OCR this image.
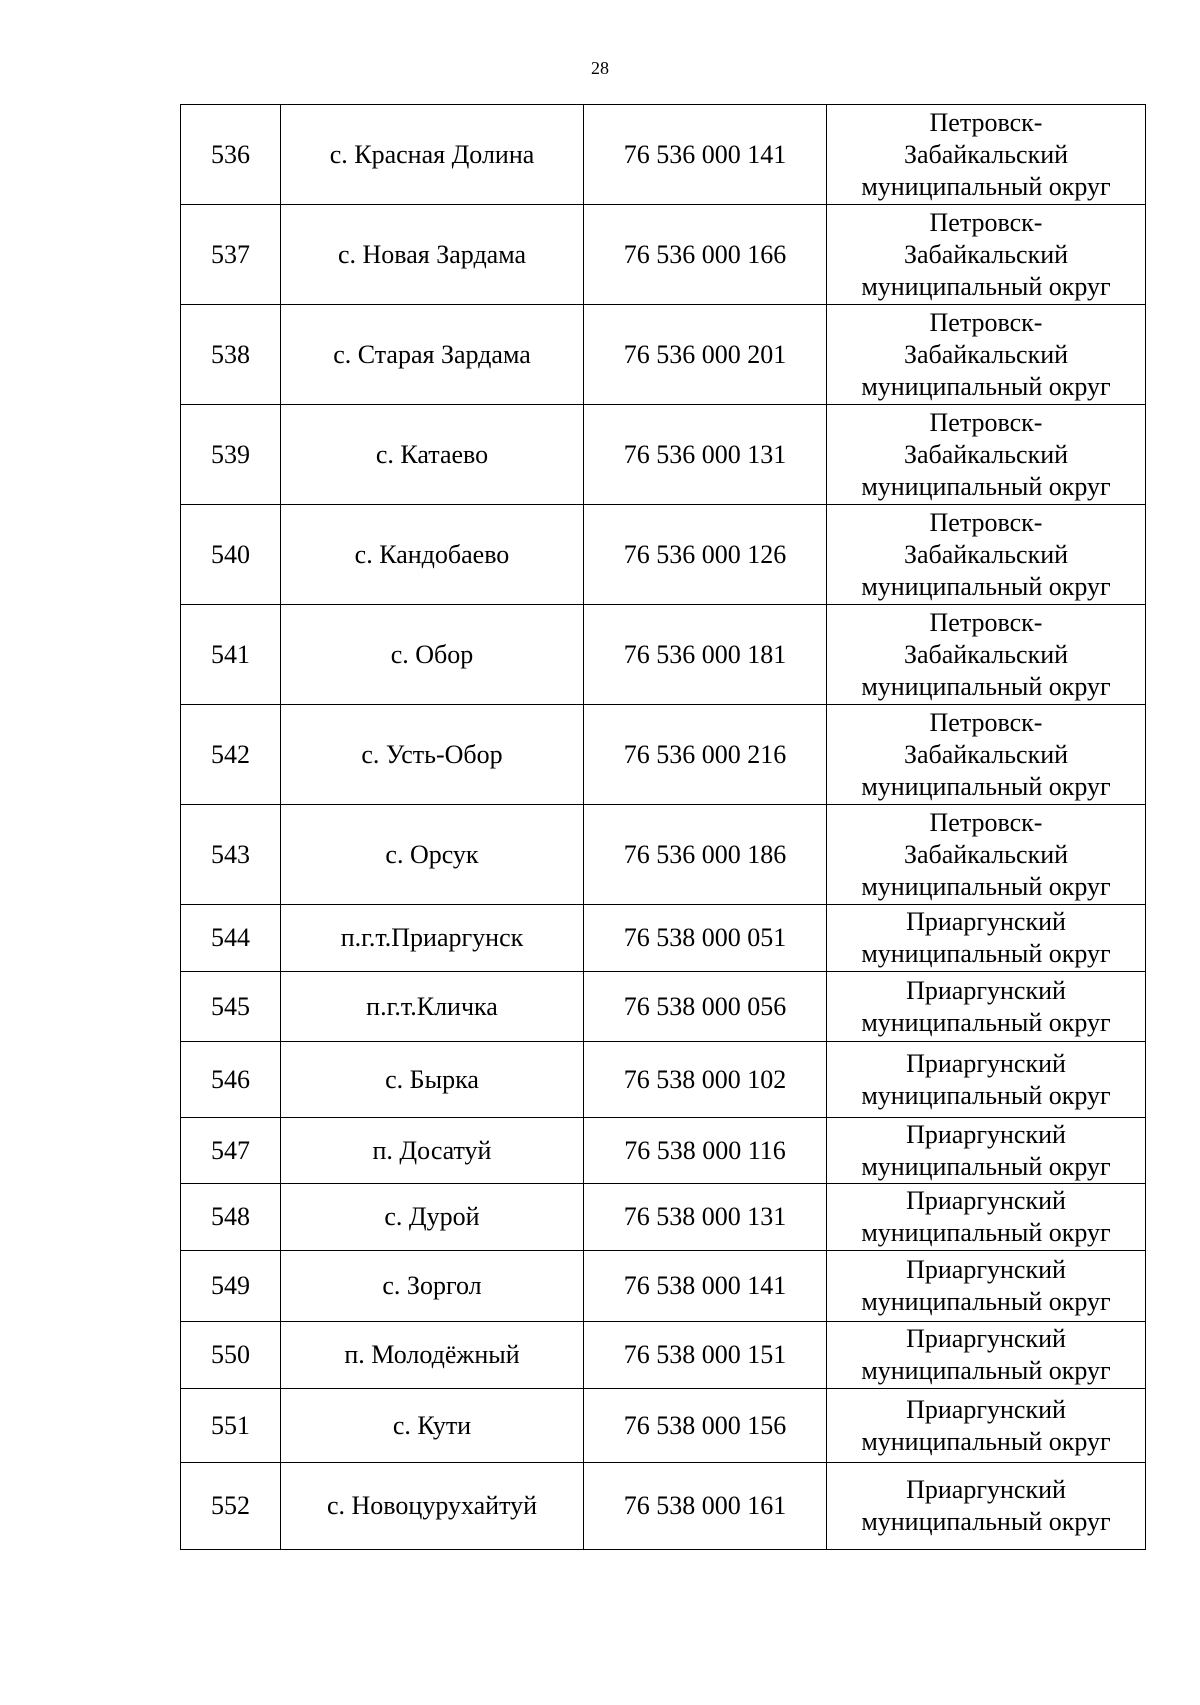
28
536	с. Красная Долина	76 536 000 141	Петровск-
Забайкальский
муниципальный округ

537	с. Новая Зардама	76 536 000 166	Петровск-
Забайкальский
муниципальный округ

538	с. Старая Зардама	76 536 000 201	Петровск-
Забайкальский
муниципальный округ

539	с. Катаево	76 536 000 131	Петровск-
Забайкальский
муниципальный округ

540	с. Кандобаево	76 536 000 126	Петровск-
Забайкальский
муниципальный округ

541	с. Обор	76 536 000 181	Петровск-
Забайкальский
муниципальный округ

542	с. Усть-Обор	76 536 000 216	Петровск-
Забайкальский
муниципальный округ

543	с. Орсук	76 536 000 186	Петровск-
Забайкальский
муниципальный округ

544	п.г.т.Приаргунск	76 538 000 051	Приаргунский
муниципальный округ

545	п.г.т.Кличка	76 538 000 056	Приаргунский
муниципальный округ

546	с. Бырка	76 538 000 102	Приаргунский
муниципальный округ

547	п. Досатуй	76 538 000 116	Приаргунский
муниципальный округ

548	с. Дурой	76 538 000 131	Приаргунский
муниципальный округ

549	с. Зоргол	76 538 000 141	Приаргунский
муниципальный округ

550	п. Молодёжный	76 538 000 151	Приаргунский
муниципальный округ

551	с. Кути	76 538 000 156	Приаргунский
муниципальный округ

552	с. Новоцурухайтуй	76 538 000 161	Приаргунский
муниципальный округ
